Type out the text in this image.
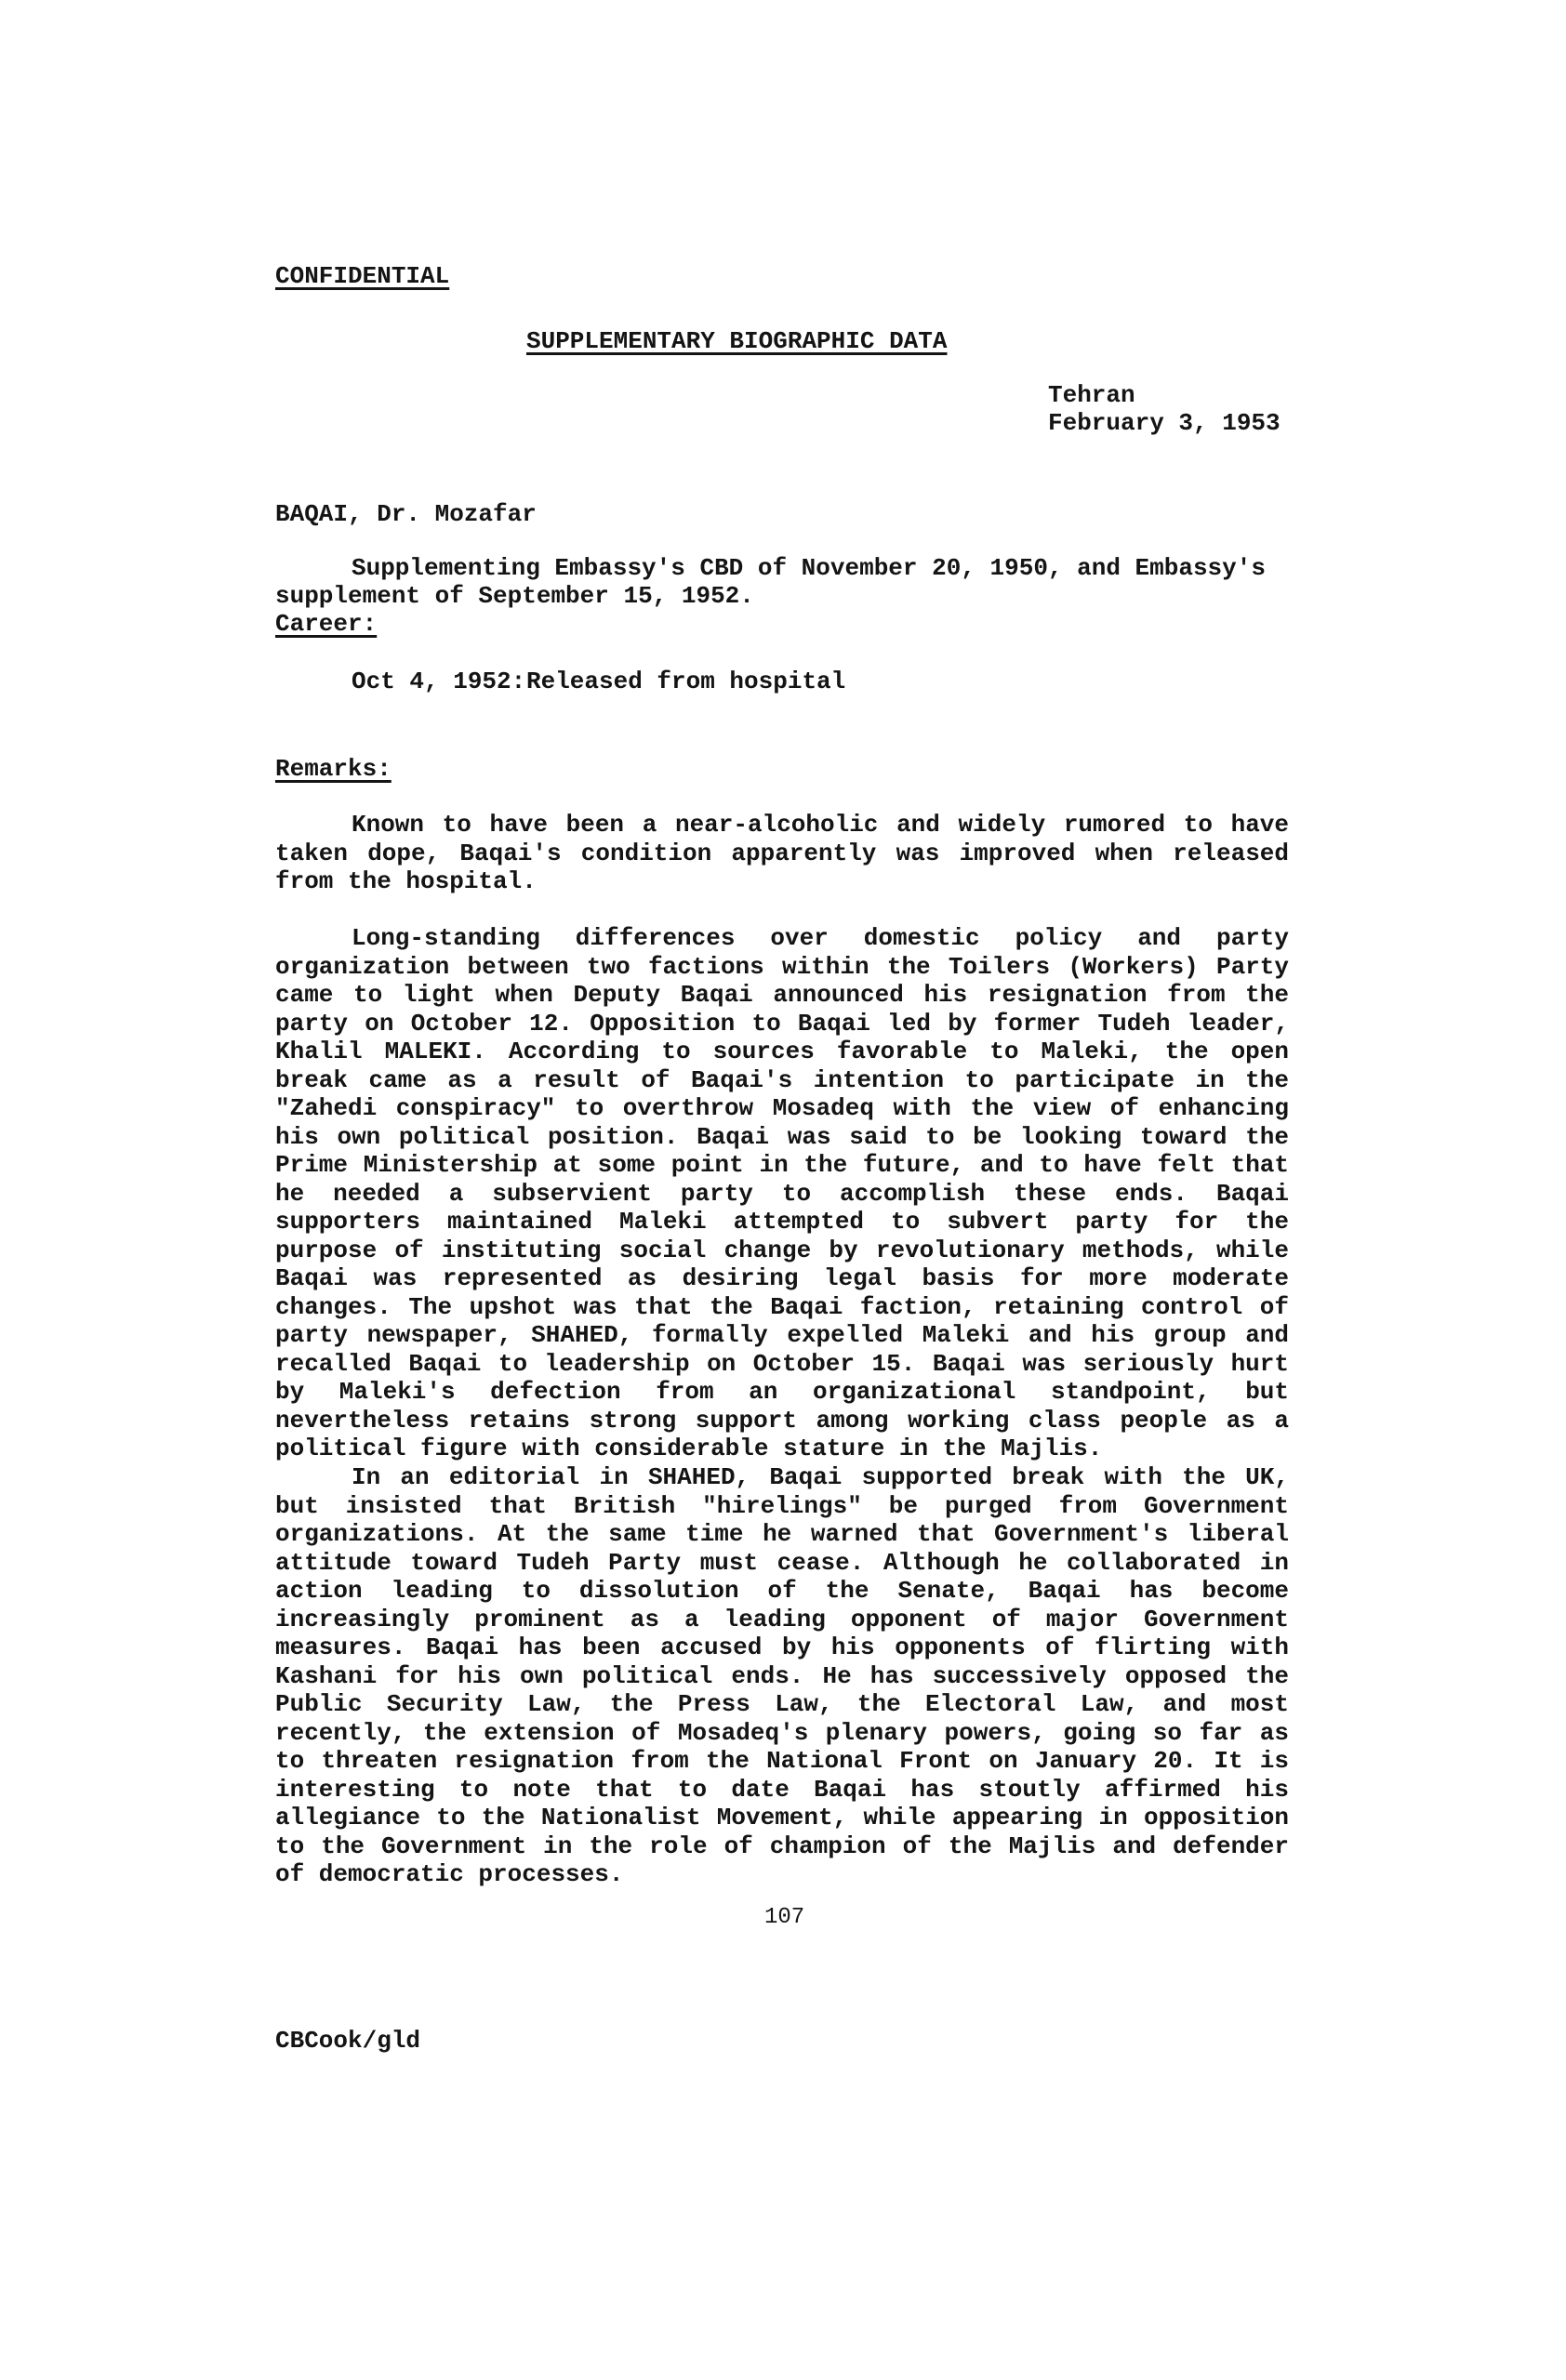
CONFIDENTIAL
SUPPLEMENTARY BIOGRAPHIC DATA
Tehran
February 3, 1953
BAQAI, Dr. Mozafar
Supplementing Embassy's CBD of November 20, 1950, and Embassy's
supplement of September 15, 1952.
Career:
Oct 4, 1952: Released from hospital
Remarks:

Known to have been a near-alcoholic and widely rumored to have taken dope, Baqai's condition apparently was improved when released from the hospital.

Long-standing differences over domestic policy and party organization between two factions within the Toilers (Workers) Party came to light when Deputy Baqai announced his resignation from the party on October 12. Opposition to Baqai led by former Tudeh leader, Khalil MALEKI. According to sources favorable to Maleki, the open break came as a result of Baqai's intention to participate in the "Zahedi conspiracy" to overthrow Mosadeq with the view of enhancing his own political position. Baqai was said to be looking toward the Prime Ministership at some point in the future, and to have felt that he needed a subservient party to accomplish these ends. Baqai supporters maintained Maleki attempted to subvert party for the purpose of instituting social change by revolutionary methods, while Baqai was represented as desiring legal basis for more moderate changes. The upshot was that the Baqai faction, retaining control of party newspaper, SHAHED, formally expelled Maleki and his group and recalled Baqai to leadership on October 15. Baqai was seriously hurt by Maleki's defection from an organizational standpoint, but nevertheless retains strong support among working class people as a political figure with considerable stature in the Majlis.

In an editorial in SHAHED, Baqai supported break with the UK, but insisted that British "hirelings" be purged from Government organizations. At the same time he warned that Government's liberal attitude toward Tudeh Party must cease. Although he collaborated in action leading to dissolution of the Senate, Baqai has become increasingly prominent as a leading opponent of major Government measures. Baqai has been accused by his opponents of flirting with Kashani for his own political ends. He has successively opposed the Public Security Law, the Press Law, the Electoral Law, and most recently, the extension of Mosadeq's plenary powers, going so far as to threaten resignation from the National Front on January 20. It is interesting to note that to date Baqai has stoutly affirmed his allegiance to the Nationalist Movement, while appearing in opposition to the Government in the role of champion of the Majlis and defender of democratic processes.

107
CBCook/gld
